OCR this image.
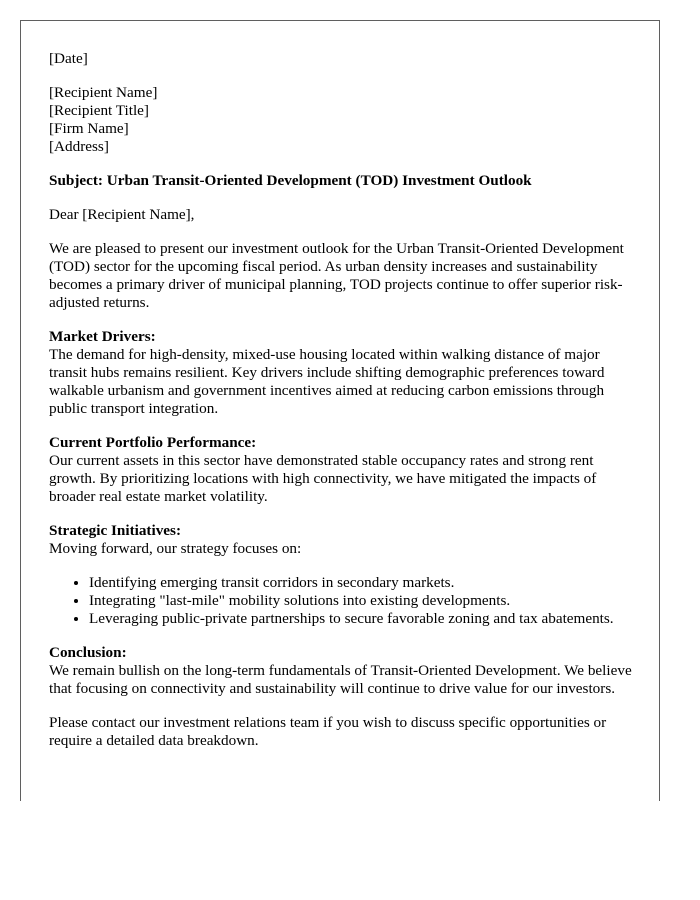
[Date]
[Recipient Name]
[Recipient Title]
[Firm Name]
[Address]
Subject: Urban Transit-Oriented Development (TOD) Investment Outlook
Dear [Recipient Name],
We are pleased to present our investment outlook for the Urban Transit-Oriented Development (TOD) sector for the upcoming fiscal period. As urban density increases and sustainability becomes a primary driver of municipal planning, TOD projects continue to offer superior risk-adjusted returns.
Market Drivers:
The demand for high-density, mixed-use housing located within walking distance of major transit hubs remains resilient. Key drivers include shifting demographic preferences toward walkable urbanism and government incentives aimed at reducing carbon emissions through public transport integration.
Current Portfolio Performance:
Our current assets in this sector have demonstrated stable occupancy rates and strong rent growth. By prioritizing locations with high connectivity, we have mitigated the impacts of broader real estate market volatility.
Strategic Initiatives:
Moving forward, our strategy focuses on:
• Identifying emerging transit corridors in secondary markets.
• Integrating "last-mile" mobility solutions into existing developments.
• Leveraging public-private partnerships to secure favorable zoning and tax abatements.
Conclusion:
We remain bullish on the long-term fundamentals of Transit-Oriented Development. We believe that focusing on connectivity and sustainability will continue to drive value for our investors.
Please contact our investment relations team if you wish to discuss specific opportunities or require a detailed data breakdown.
